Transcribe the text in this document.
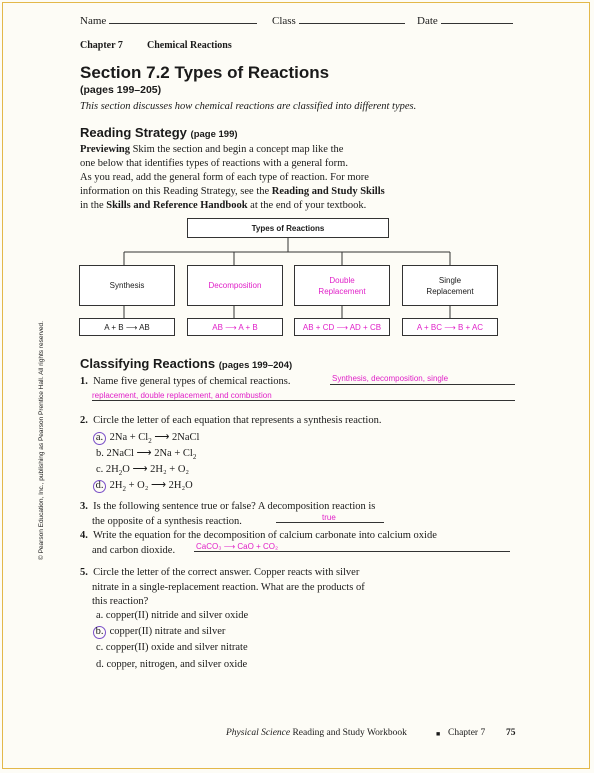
Name	Class	Date
Chapter 7 Chemical Reactions
Section 7.2 Types of Reactions
(pages 199–205)
This section discusses how chemical reactions are classified into different types.
Reading Strategy (page 199)
Previewing Skim the section and begin a concept map like the
one below that identifies types of reactions with a general form.
As you read, add the general form of each type of reaction. For more
information on this Reading Strategy, see the Reading and Study Skills
in the Skills and Reference Handbook at the end of your textbook.
Types of Reactions
Synthesis	Decomposition
Double Replacement
Single Replacement
A + B ⟶ AB	AB ⟶ A + B	AB + CD ⟶ AD + CB	A + BC ⟶ B + AC
Classifying Reactions (pages 199–204)
1. Name five general types of chemical reactions.	Synthesis, decomposition, single
replacement, double replacement, and combustion
2. Circle the letter of each equation that represents a synthesis reaction.
a. $2Na + Cl_2$ ⟶ 2NaCl
b. 2NaCl ⟶ $2Na + Cl_2$
c. $2H_2O$ ⟶ 2H₂ + O₂
d. $2H_2 + O_2$ ⟶ 2H₂O
3. Is the following sentence true or false? A decomposition reaction is
the opposite of a synthesis reaction.	true
4. Write the equation for the decomposition of calcium carbonate into calcium oxide
and carbon dioxide.	CaCO₃ ⟶ CaO + CO₂
5. Circle the letter of the correct answer. Copper reacts with silver
nitrate in a single-replacement reaction. What are the products of
this reaction?
a. copper(II) nitride and silver oxide
b. copper(II) nitrate and silver
c. copper(II) oxide and silver nitrate
d. copper, nitrogen, and silver oxide
© Pearson Education, Inc., publishing as Pearson Prentice Hall. All rights reserved.
Physical Science Reading and Study Workbook	■ Chapter 7 75
